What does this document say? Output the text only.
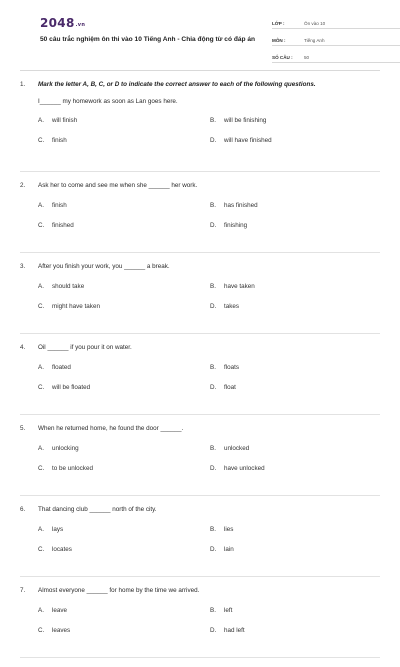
$2048^{.vn}$
50 câu trắc nghiệm ôn thi vào 10 Tiếng Anh - Chia động từ có đáp án
LỚP :	Ôn vào 10
MÔN :	Tiếng Anh
SỐ CÂU :	50
1.	Mark the letter A, B, C, or D to indicate the correct answer to each of the following questions.
I______ my homework as soon as Lan goes here.
A.	will finish	B.	will be finishing
C.	finish	D.	will have finished
2.	Ask her to come and see me when she ______ her work.
A.	finish	B.	has finished
C.	finished	D.	finishing
3.	After you finish your work, you ______ a break.
A.	should take	B.	have taken
C.	might have taken	D.	takes
4.	Oil ______ if you pour it on water.
A.	floated	B.	floats
C.	will be floated	D.	float
5.	When he returned home, he found the door ______.
A.	unlocking	B.	unlocked
C.	to be unlocked	D.	have unlocked
6.	That dancing club ______ north of the city.
A.	lays	B.	lies
C.	locates	D.	lain
7.	Almost everyone ______ for home by the time we arrived.
A.	leave	B.	left
C.	leaves	D.	had left
